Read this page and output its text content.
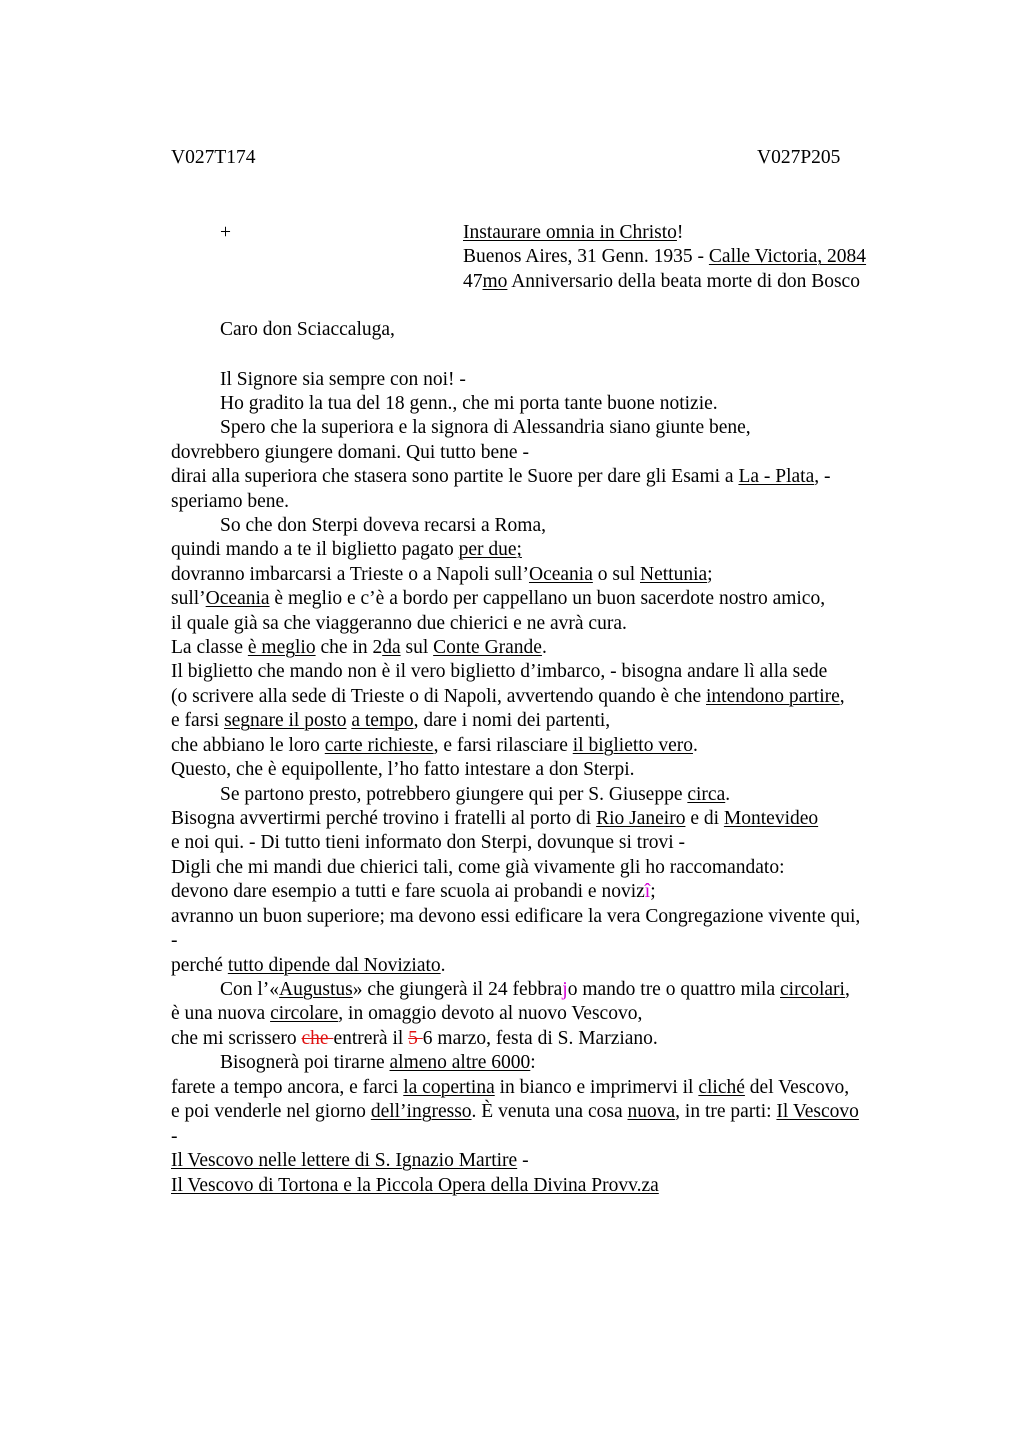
V027T174	V027P205
+	Instaurare omnia in Christo!
Buenos Aires, 31 Genn. 1935 - Calle Victoria, 2084
47mo Anniversario della beata morte di don Bosco
Caro don Sciaccaluga,
Il Signore sia sempre con noi! -
Ho gradito la tua del 18 genn., che mi porta tante buone notizie.
Spero che la superiora e la signora di Alessandria siano giunte bene,
dovrebbero giungere domani. Qui tutto bene -
dirai alla superiora che stasera sono partite le Suore per dare gli Esami a La - Plata, -
speriamo bene.
So che don Sterpi doveva recarsi a Roma,
quindi mando a te il biglietto pagato per due;
dovranno imbarcarsi a Trieste o a Napoli sull’Oceania o sul Nettunia;
sull’Oceania è meglio e c’è a bordo per cappellano un buon sacerdote nostro amico,
il quale già sa che viaggeranno due chierici e ne avrà cura.
La classe è meglio che in 2da sul Conte Grande.
Il biglietto che mando non è il vero biglietto d’imbarco, - bisogna andare lì alla sede
(o scrivere alla sede di Trieste o di Napoli, avvertendo quando è che intendono partire,
e farsi segnare il posto a tempo, dare i nomi dei partenti,
che abbiano le loro carte richieste, e farsi rilasciare il biglietto vero.
Questo, che è equipollente, l’ho fatto intestare a don Sterpi.
Se partono presto, potrebbero giungere qui per S. Giuseppe circa.
Bisogna avvertirmi perché trovino i fratelli al porto di Rio Janeiro e di Montevideo
e noi qui. - Di tutto tieni informato don Sterpi, dovunque si trovi -
Digli che mi mandi due chierici tali, come già vivamente gli ho raccomandato:
devono dare esempio a tutti e fare scuola ai probandi e novizî;
avranno un buon superiore; ma devono essi edificare la vera Congregazione vivente qui,
-
perché tutto dipende dal Noviziato.
Con l’«Augustus» che giungerà il 24 febbrajo mando tre o quattro mila circolari,
è una nuova circolare, in omaggio devoto al nuovo Vescovo,
che mi scrissero che entrerà il 5 6 marzo, festa di S. Marziano.
Bisognerà poi tirarne almeno altre 6000:
farete a tempo ancora, e farci la copertina in bianco e imprimervi il cliché del Vescovo,
e poi venderle nel giorno dell’ingresso. È venuta una cosa nuova, in tre parti: Il Vescovo
-
Il Vescovo nelle lettere di S. Ignazio Martire -
Il Vescovo di Tortona e la Piccola Opera della Divina Provv.za
